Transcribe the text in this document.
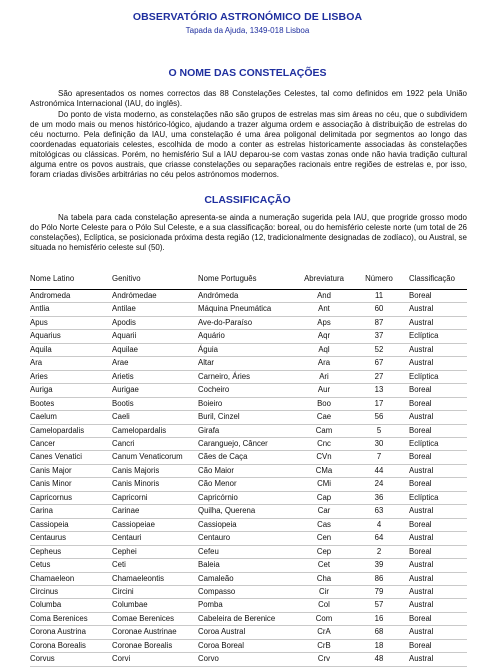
OBSERVATÓRIO ASTRONÓMICO DE LISBOA
Tapada da Ajuda, 1349-018 Lisboa
O NOME DAS CONSTELAÇÕES

São apresentados os nomes correctos das 88 Constelações Celestes, tal como definidos em 1922 pela União Astronómica Internacional (IAU, do inglês).

Do ponto de vista moderno, as constelações não são grupos de estrelas mas sim áreas no céu, que o subdividem de um modo mais ou menos histórico-lógico, ajudando a trazer alguma ordem e associação à distribuição de estrelas do céu nocturno. Pela definição da IAU, uma constelação é uma área poligonal delimitada por segmentos ao longo das coordenadas equatoriais celestes, escolhida de modo a conter as estrelas historicamente associadas às constelações mitológicas ou clássicas. Porém, no hemisfério Sul a IAU deparou-se com vastas zonas onde não havia tradição cultural alguma entre os povos austrais, que criasse constelações ou separações racionais entre regiões de estrelas e, por isso, foram criadas divisões arbitrárias no céu pelos astrónomos modernos.

CLASSIFICAÇÃO

Na tabela para cada constelação apresenta-se ainda a numeração sugerida pela IAU, que progride grosso modo do Pólo Norte Celeste para o Pólo Sul Celeste, e a sua classificação: boreal, ou do hemisfério celeste norte (um total de 26 constelações), Eclíptica, se posicionada próxima desta região (12, tradicionalmente designadas de zodíaco), ou Austral, se situada no hemisfério celeste sul (50).

Nome Latino	Genitivo	Nome Português	Abreviatura	Número	Classificação
Andromeda	Andrómedae	Andrómeda	And	11	Boreal
Antlia	Antilae	Máquina Pneumática	Ant	60	Austral
Apus	Apodis	Ave-do-Paraíso	Aps	87	Austral
Aquarius	Aquarii	Aquário	Aqr	37	Eclíptica
Aquila	Aquilae	Águia	Aql	52	Austral
Ara	Arae	Altar	Ara	67	Austral
Aries	Arietis	Carneiro, Áries	Ari	27	Eclíptica
Auriga	Aurigae	Cocheiro	Aur	13	Boreal
Bootes	Bootis	Boieiro	Boo	17	Boreal
Caelum	Caeli	Buril, Cinzel	Cae	56	Austral
Camelopardalis	Camelopardalis	Girafa	Cam	5	Boreal
Cancer	Cancri	Caranguejo, Câncer	Cnc	30	Eclíptica
Canes Venatici	Canum Venaticorum	Cães de Caça	CVn	7	Boreal
Canis Major	Canis Majoris	Cão Maior	CMa	44	Austral
Canis Minor	Canis Minoris	Cão Menor	CMi	24	Boreal
Capricornus	Capricorni	Capricórnio	Cap	36	Eclíptica
Carina	Carinae	Quilha, Querena	Car	63	Austral
Cassiopeia	Cassiopeiae	Cassiopeia	Cas	4	Boreal
Centaurus	Centauri	Centauro	Cen	64	Austral
Cepheus	Cephei	Cefeu	Cep	2	Boreal
Cetus	Ceti	Baleia	Cet	39	Austral
Chamaeleon	Chamaeleontis	Camaleão	Cha	86	Austral
Circinus	Circini	Compasso	Cir	79	Austral
Columba	Columbae	Pomba	Col	57	Austral
Coma Berenices	Comae Berenices	Cabeleira de Berenice	Com	16	Boreal
Corona Austrina	Coronae Austrinae	Coroa Austral	CrA	68	Austral
Corona Borealis	Coronae Borealis	Coroa Boreal	CrB	18	Boreal
Corvus	Corvi	Corvo	Crv	48	Austral
